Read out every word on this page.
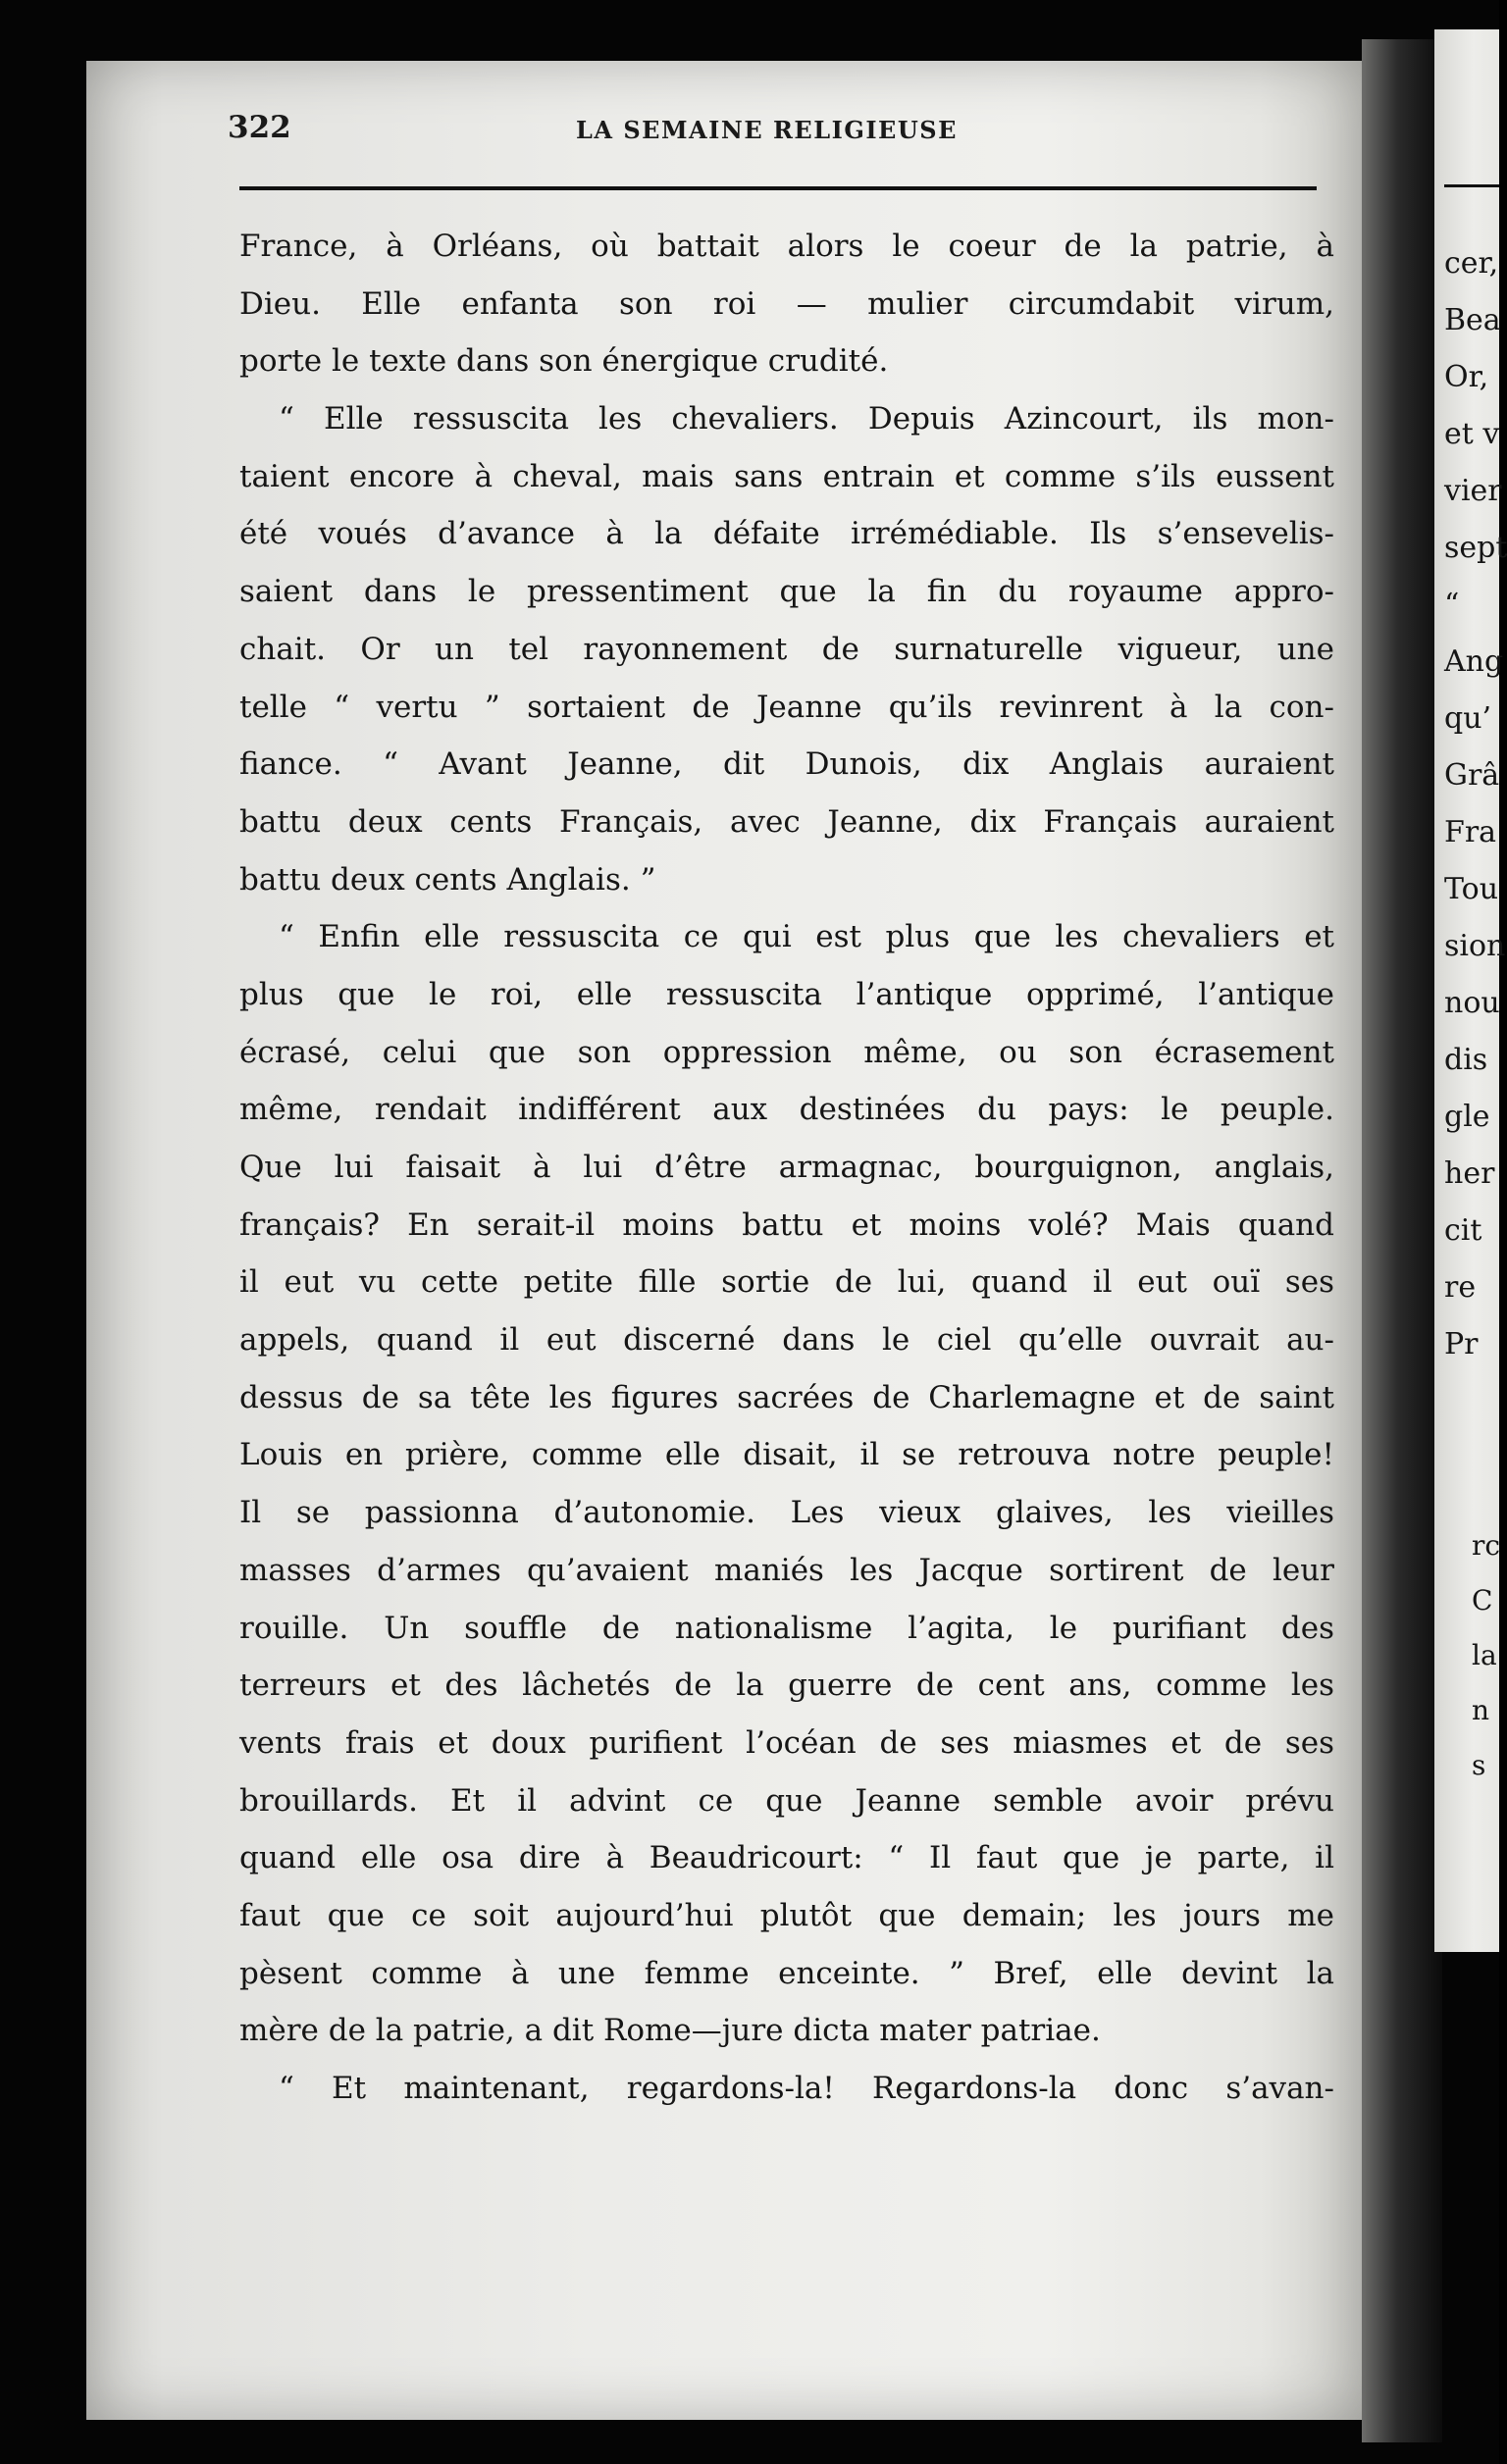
322	LA SEMAINE RELIGIEUSE
France, à Orléans, où battait alors le coeur de la patrie, à
Dieu. Elle enfanta son roi — mulier circumdabit virum,
porte le texte dans son énergique crudité.
“ Elle ressuscita les chevaliers. Depuis Azincourt, ils mon-
taient encore à cheval, mais sans entrain et comme s’ils eussent
été voués d’avance à la défaite irrémédiable. Ils s’ensevelis-
saient dans le pressentiment que la fin du royaume appro-
chait. Or un tel rayonnement de surnaturelle vigueur, une
telle “ vertu ” sortaient de Jeanne qu’ils revinrent à la con-
fiance. “ Avant Jeanne, dit Dunois, dix Anglais auraient
battu deux cents Français, avec Jeanne, dix Français auraient
battu deux cents Anglais. ”
“ Enfin elle ressuscita ce qui est plus que les chevaliers et
plus que le roi, elle ressuscita l’antique opprimé, l’antique
écrasé, celui que son oppression même, ou son écrasement
même, rendait indifférent aux destinées du pays: le peuple.
Que lui faisait à lui d’être armagnac, bourguignon, anglais,
français? En serait-il moins battu et moins volé? Mais quand
il eut vu cette petite fille sortie de lui, quand il eut ouï ses
appels, quand il eut discerné dans le ciel qu’elle ouvrait au-
dessus de sa tête les figures sacrées de Charlemagne et de saint
Louis en prière, comme elle disait, il se retrouva notre peuple!
Il se passionna d’autonomie. Les vieux glaives, les vieilles
masses d’armes qu’avaient maniés les Jacque sortirent de leur
rouille. Un souffle de nationalisme l’agita, le purifiant des
terreurs et des lâchetés de la guerre de cent ans, comme les
vents frais et doux purifient l’océan de ses miasmes et de ses
brouillards. Et il advint ce que Jeanne semble avoir prévu
quand elle osa dire à Beaudricourt: “ Il faut que je parte, il
faut que ce soit aujourd’hui plutôt que demain; les jours me
pèsent comme à une femme enceinte. ” Bref, elle devint la
mère de la patrie, a dit Rome—jure dicta mater patriae.
“ Et maintenant, regardons-la! Regardons-la donc s’avan-
cer,
Bea
Or,
et v
vier
sept
“
Ang
qu’
Grâ
Fra
Tou
sion
nou
dis
gle
her
cit
re
Pr
rc
C
la
n
s
